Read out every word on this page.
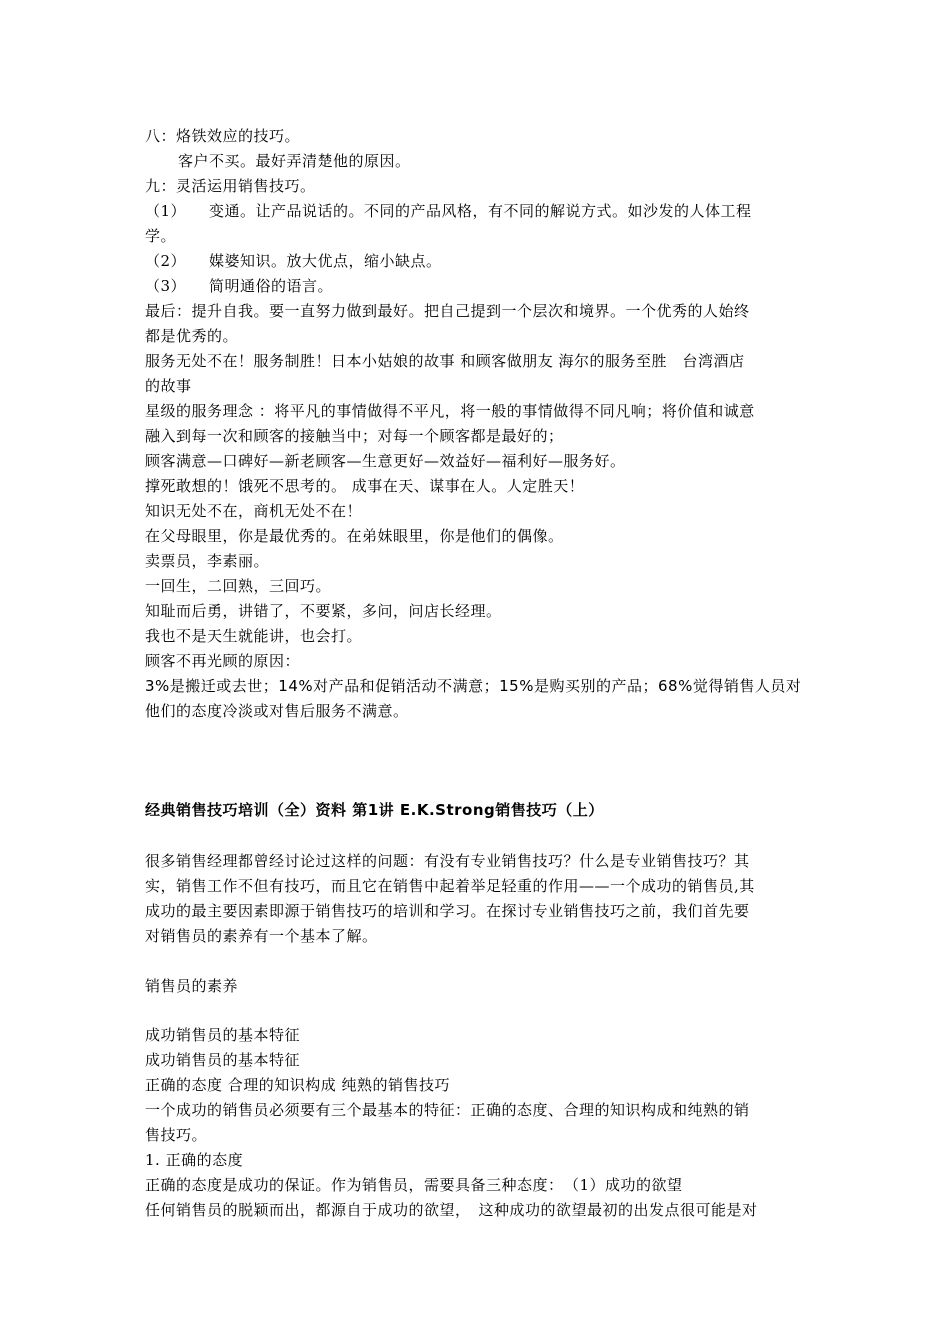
八：烙铁效应的技巧。
客户不买。最好弄清楚他的原因。
九：灵活运用销售技巧。
（1） 变通。让产品说话的。不同的产品风格，有不同的解说方式。如沙发的人体工程
学。
（2） 媒婆知识。放大优点，缩小缺点。
（3） 简明通俗的语言。
最后：提升自我。要一直努力做到最好。把自己提到一个层次和境界。一个优秀的人始终
都是优秀的。
服务无处不在！服务制胜！日本小姑娘的故事 和顾客做朋友 海尔的服务至胜　台湾酒店
的故事
星级的服务理念 ：将平凡的事情做得不平凡，将一般的事情做得不同凡响；将价值和诚意
融入到每一次和顾客的接触当中；对每一个顾客都是最好的；
顾客满意—口碑好—新老顾客—生意更好—效益好—福利好—服务好。
撑死敢想的！饿死不思考的。 成事在天、谋事在人。人定胜天！
知识无处不在，商机无处不在！
在父母眼里，你是最优秀的。在弟妹眼里，你是他们的偶像。
卖票员，李素丽。
一回生，二回熟，三回巧。
知耻而后勇，讲错了，不要紧，多问，问店长经理。
我也不是天生就能讲，也会打。
顾客不再光顾的原因：
3%是搬迁或去世；14%对产品和促销活动不满意；15%是购买别的产品；68%觉得销售人员对
他们的态度冷淡或对售后服务不满意。
经典销售技巧培训（全）资料 第1讲 E.K.Strong销售技巧（上）
很多销售经理都曾经讨论过这样的问题：有没有专业销售技巧？什么是专业销售技巧？其
实，销售工作不但有技巧，而且它在销售中起着举足轻重的作用——一个成功的销售员,其
成功的最主要因素即源于销售技巧的培训和学习。在探讨专业销售技巧之前，我们首先要
对销售员的素养有一个基本了解。
销售员的素养
成功销售员的基本特征
成功销售员的基本特征
正确的态度 合理的知识构成 纯熟的销售技巧
一个成功的销售员必须要有三个最基本的特征：正确的态度、合理的知识构成和纯熟的销
售技巧。
1. 正确的态度
正确的态度是成功的保证。作为销售员，需要具备三种态度：　（1）成功的欲望
任何销售员的脱颖而出，都源自于成功的欲望，　这种成功的欲望最初的出发点很可能是对
